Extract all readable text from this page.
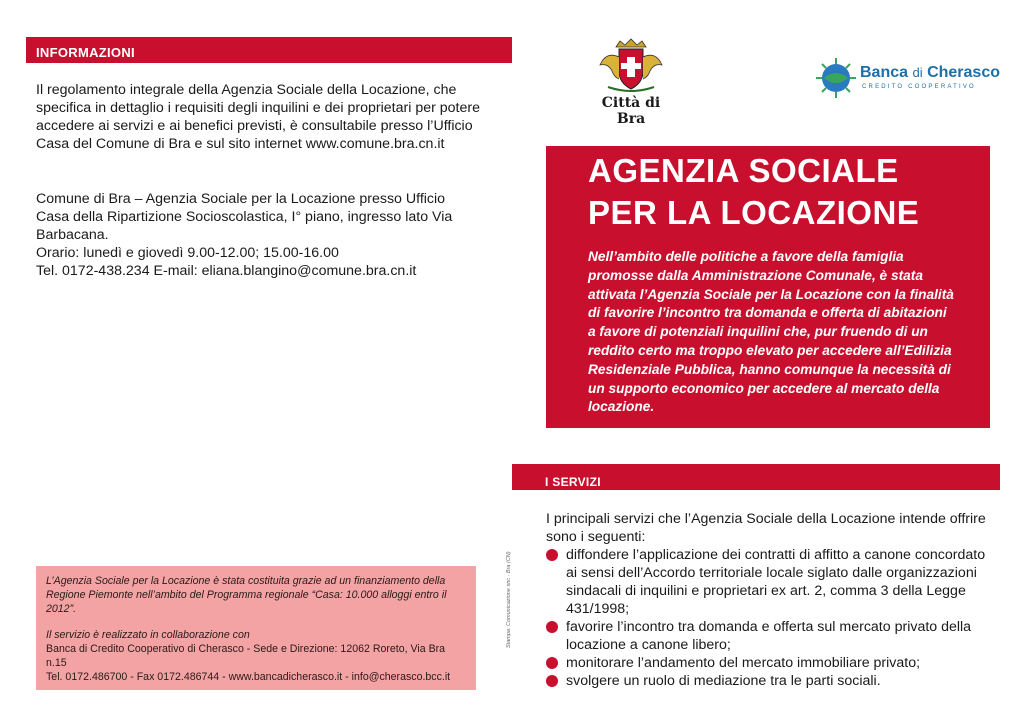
INFORMAZIONI

Il regolamento integrale della Agenzia Sociale della Locazione, che specifica in dettaglio i requisiti degli inquilini e dei proprietari per potere accedere ai servizi e ai benefici previsti, è consultabile presso l’Ufficio Casa del Comune di Bra e sul sito internet www.comune.bra.cn.it

Comune di Bra – Agenzia Sociale per la Locazione presso Ufficio Casa della Ripartizione Socioscolastica, I° piano, ingresso lato Via Barbacana.
Orario: lunedì e giovedì 9.00-12.00; 15.00-16.00
Tel. 0172-438.234 E-mail: eliana.blangino@comune.bra.cn.it
Città di Bra
Banca di Cherasco
CREDITO COOPERATIVO
AGENZIA SOCIALE
PER LA LOCAZIONE

Nell’ambito delle politiche a favore della famiglia promosse dalla Amministrazione Comunale, è stata attivata l’Agenzia Sociale per la Locazione con la finalità di favorire l’incontro tra domanda e offerta di abitazioni a favore di potenziali inquilini che, pur fruendo di un reddito certo ma troppo elevato per accedere all’Edilizia Residenziale Pubblica, hanno comunque la necessità di un supporto economico per accedere al mercato della locazione.

I SERVIZI

I principali servizi che l’Agenzia Sociale della Locazione intende offrire sono i seguenti:

diffondere l’applicazione dei contratti di affitto a canone concordato ai sensi dell’Accordo territoriale locale siglato dalle organizzazioni sindacali di inquilini e proprietari ex art. 2, comma 3 della Legge 431/1998;
favorire l’incontro tra domanda e offerta sul mercato privato della locazione a canone libero;
monitorare l’andamento del mercato immobiliare privato;
svolgere un ruolo di mediazione tra le parti sociali.

L’Agenzia Sociale per la Locazione è stata costituita grazie ad un finanziamento della Regione Piemonte nell’ambito del Programma regionale “Casa: 10.000 alloggi entro il 2012”.

Il servizio è realizzato in collaborazione con

Banca di Credito Cooperativo di Cherasco - Sede e Direzione: 12062 Roreto, Via Bra n.15

Tel. 0172.486700 - Fax 0172.486744 - www.bancadicherasco.it - info@cherasco.bcc.it

Stampa: Comunicazione snc · Bra (CN)
